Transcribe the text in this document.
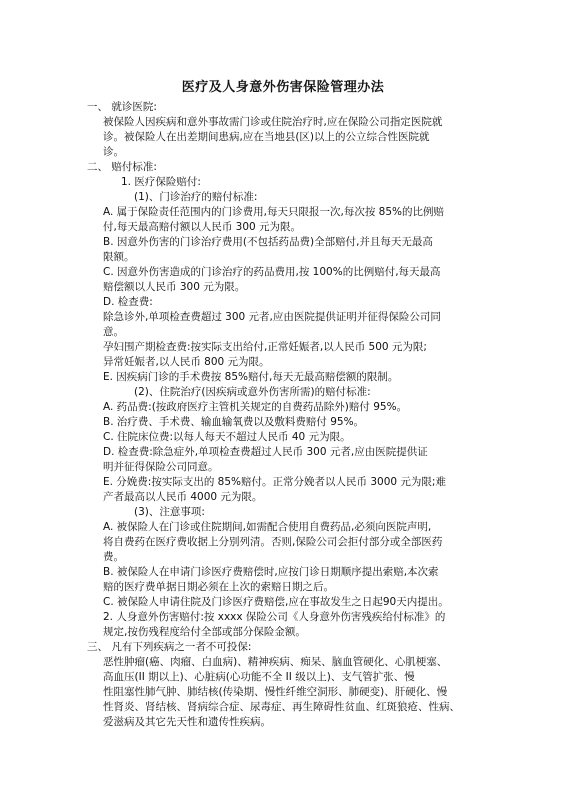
医疗及人身意外伤害保险管理办法
一、 就诊医院:
被保险人因疾病和意外事故需门诊或住院治疗时,应在保险公司指定医院就
诊。被保险人在出差期间患病,应在当地县(区)以上的公立综合性医院就
诊。
二、 赔付标准:
1. 医疗保险赔付:
(1)、门诊治疗的赔付标准:
A. 属于保险责任范围内的门诊费用,每天只限报一次,每次按 85%的比例赔
付,每天最高赔付额以人民币 300 元为限。
B. 因意外伤害的门诊治疗费用(不包括药品费)全部赔付,并且每天无最高
限额。
C. 因意外伤害造成的门诊治疗的药品费用,按 100%的比例赔付,每天最高
赔偿额以人民币 300 元为限。
D. 检查费:
除急诊外,单项检查费超过 300 元者,应由医院提供证明并征得保险公司同
意。
孕妇围产期检查费:按实际支出给付,正常妊娠者,以人民币 500 元为限;
异常妊娠者,以人民币 800 元为限。
E. 因疾病门诊的手术费按 85%赔付,每天无最高赔偿额的限制。
(2)、住院治疗(因疾病或意外伤害所需)的赔付标准:
A. 药品费:(按政府医疗主管机关规定的自费药品除外)赔付 95%。
B. 治疗费、手术费、输血输氧费以及敷料费赔付 95%。
C. 住院床位费:以每人每天不超过人民币 40 元为限。
D. 检查费:除急症外,单项检查费超过人民币 300 元者,应由医院提供证
明并征得保险公司同意。
E. 分娩费:按实际支出的 85%赔付。正常分娩者以人民币 3000 元为限;难
产者最高以人民币 4000 元为限。
(3)、注意事项:
A. 被保险人在门诊或住院期间,如需配合使用自费药品,必须向医院声明,
将自费药在医疗费收据上分别列清。否则,保险公司会拒付部分或全部医药
费。
B. 被保险人在申请门诊医疗费赔偿时,应按门诊日期顺序提出索赔,本次索
赔的医疗费单据日期必须在上次的索赔日期之后。
C. 被保险人申请住院及门诊医疗费赔偿,应在事故发生之日起90天内提出。
2. 人身意外伤害赔付:按 xxxx 保险公司《人身意外伤害残疾给付标准》的
规定,按伤残程度给付全部或部分保险金额。
三、 凡有下列疾病之一者不可投保:
恶性肿瘤(癌、肉瘤、白血病)、精神疾病、痴呆、脑血管硬化、心肌梗塞、
高血压(II 期以上)、心脏病(心功能不全 II 级以上)、支气管扩张、慢
性阻塞性肺气肿、肺结核(传染期、慢性纤维空洞形、肺硬变)、肝硬化、慢
性肾炎、肾结核、肾病综合症、尿毒症、再生障碍性贫血、红斑狼疮、性病、
爱滋病及其它先天性和遗传性疾病。
